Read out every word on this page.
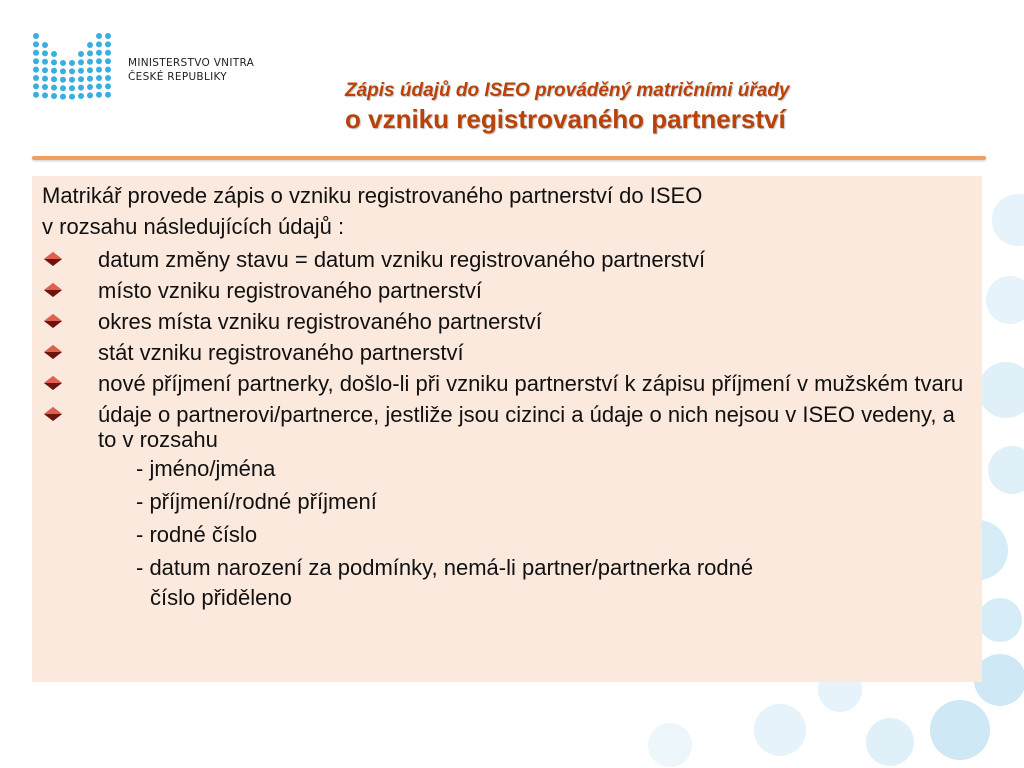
MINISTERSTVO VNITRA
ČESKÉ REPUBLIKY
Zápis údajů do ISEO prováděný matričními úřady
o vzniku registrovaného partnerství
Matrikář provede zápis o vzniku registrovaného partnerství do ISEO
v rozsahu následujících údajů :
datum změny stavu = datum vzniku registrovaného partnerství
místo vzniku registrovaného partnerství
okres místa vzniku registrovaného partnerství
stát vzniku registrovaného partnerství
nové příjmení partnerky, došlo-li při vzniku partnerství k zápisu příjmení v mužském tvaru
údaje o partnerovi/partnerce, jestliže jsou cizinci a údaje o nich nejsou v ISEO vedeny, a to v rozsahu
- jméno/jména
- příjmení/rodné příjmení
- rodné číslo
- datum narození za podmínky, nemá-li partner/partnerka rodné
číslo přiděleno
